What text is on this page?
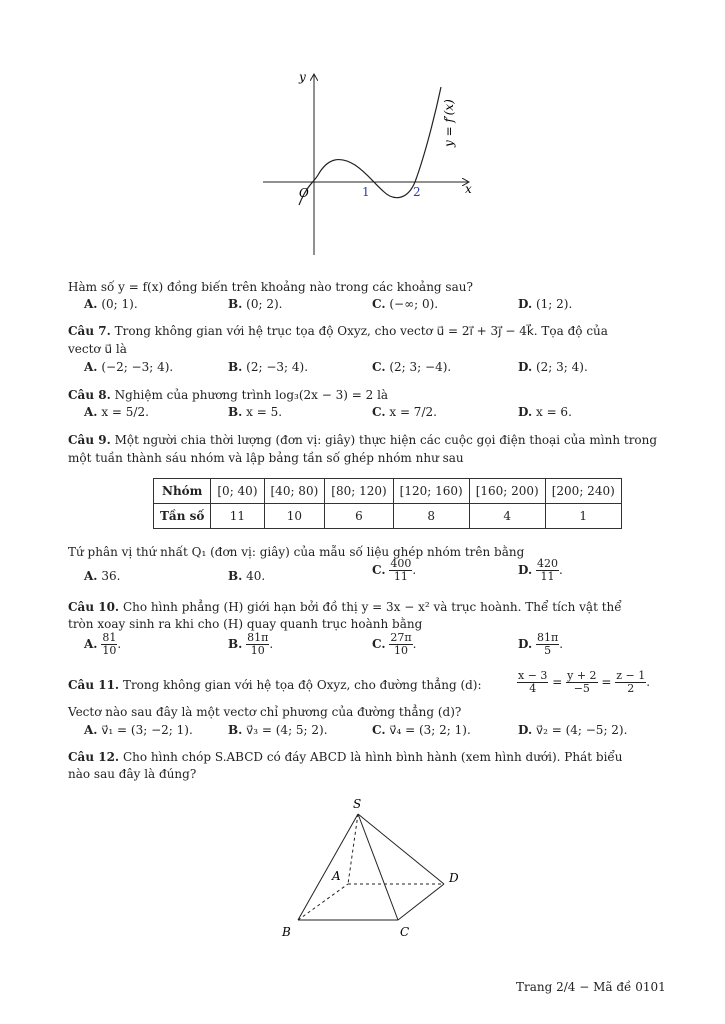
y
x
O	1	2
y = f′(x)
Hàm số y = f(x) đồng biến trên khoảng nào trong các khoảng sau?
A. (0; 1).	B. (0; 2).	C. (−∞; 0).	D. (1; 2).
Câu 7. Trong không gian với hệ trục tọa độ Oxyz, cho vectơ u⃗ = 2i⃗ + 3j⃗ − 4k⃗. Tọa độ của
vectơ u⃗ là
A. (−2; −3; 4).	B. (2; −3; 4).	C. (2; 3; −4).	D. (2; 3; 4).
Câu 8. Nghiệm của phương trình log₃(2x − 3) = 2 là
A. x = 5/2.	B. x = 5.	C. x = 7/2.	D. x = 6.
Câu 9. Một người chia thời lượng (đơn vị: giây) thực hiện các cuộc gọi điện thoại của mình trong
một tuần thành sáu nhóm và lập bảng tần số ghép nhóm như sau
Nhóm	[0; 40)	[40; 80)	[80; 120)	[120; 160)	[160; 200)	[200; 240)
Tần số	11	10	6	8	4	1
Tứ phân vị thứ nhất Q₁ (đơn vị: giây) của mẫu số liệu ghép nhóm trên bằng
A. 36.	B. 40.	C. $\frac{400}{11}$ .	D. $\frac{420}{11}$ .
Câu 10. Cho hình phẳng (H) giới hạn bởi đồ thị y = 3x − x² và trục hoành. Thể tích vật thể
tròn xoay sinh ra khi cho (H) quay quanh trục hoành bằng
A. $\frac{81}{10}$ .	B. $\frac{81\pi}{10}$ .	C. $\frac{27\pi}{10}$ .	D. $\frac{81\pi}{5}$ .
Câu 11. Trong không gian với hệ tọa độ Oxyz, cho đường thẳng (d):	$\frac{x - 3}{4} = \frac{y + 2}{-5} = \frac{z - 1}{2}$ .
Vectơ nào sau đây là một vectơ chỉ phương của đường thẳng (d)?
A. v⃗₁ = (3; −2; 1).	B. v⃗₃ = (4; 5; 2).	C. v⃗₄ = (3; 2; 1).	D. v⃗₂ = (4; −5; 2).
Câu 12. Cho hình chóp S.ABCD có đáy ABCD là hình bình hành (xem hình dưới). Phát biểu
nào sau đây là đúng?
S
A
B	C
D
Trang 2/4 − Mã đề 0101
